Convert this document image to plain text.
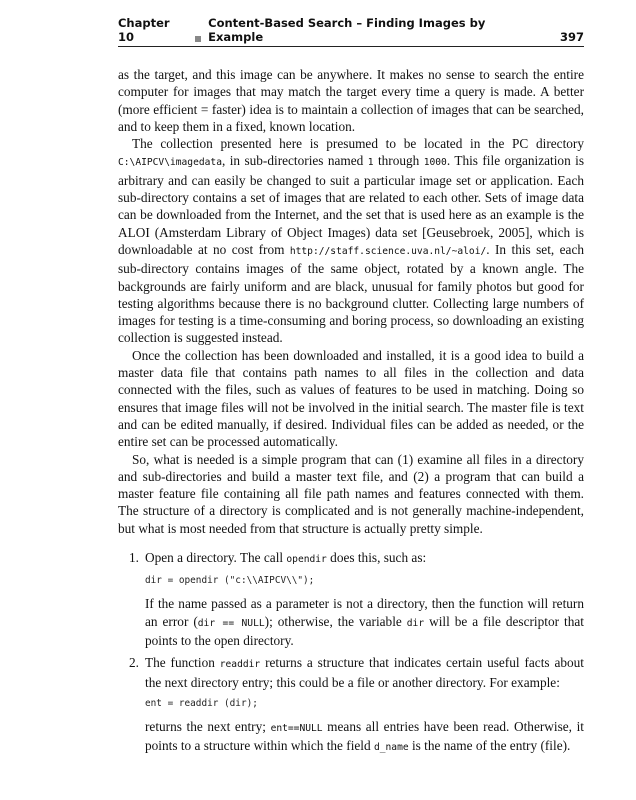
Chapter 10
Content-Based Search – Finding Images by Example	397

as the target, and this image can be anywhere. It makes no sense to search the entire computer for images that may match the target every time a query is made. A better (more efficient = faster) idea is to maintain a collection of images that can be searched, and to keep them in a fixed, known location.

The collection presented here is presumed to be located in the PC directory C:\AIPCV\imagedata, in sub-directories named 1 through 1000. This file organization is arbitrary and can easily be changed to suit a particular image set or application. Each sub-directory contains a set of images that are related to each other. Sets of image data can be downloaded from the Internet, and the set that is used here as an example is the ALOI (Amsterdam Library of Object Images) data set [Geusebroek, 2005], which is downloadable at no cost from http://staff.science.uva.nl/~aloi/. In this set, each sub-directory contains images of the same object, rotated by a known angle. The backgrounds are fairly uniform and are black, unusual for family photos but good for testing algorithms because there is no background clutter. Collecting large numbers of images for testing is a time-consuming and boring process, so downloading an existing collection is suggested instead.

Once the collection has been downloaded and installed, it is a good idea to build a master data file that contains path names to all files in the collection and data connected with the files, such as values of features to be used in matching. Doing so ensures that image files will not be involved in the initial search. The master file is text and can be edited manually, if desired. Individual files can be added as needed, or the entire set can be processed automatically.

So, what is needed is a simple program that can (1) examine all files in a directory and sub-directories and build a master text file, and (2) a program that can build a master feature file containing all file path names and features connected with them. The structure of a directory is complicated and is not generally machine-independent, but what is most needed from that structure is actually pretty simple.

1. Open a directory. The call opendir does this, such as:
dir = opendir ("c:\\AIPCV\\");

If the name passed as a parameter is not a directory, then the function will return an error (dir == NULL); otherwise, the variable dir will be a file descriptor that points to the open directory.

2. The function readdir returns a structure that indicates certain useful facts about the next directory entry; this could be a file or another directory. For example:

ent = readdir (dir);

returns the next entry; ent==NULL means all entries have been read. Otherwise, it points to a structure within which the field d_name is the name of the entry (file).
